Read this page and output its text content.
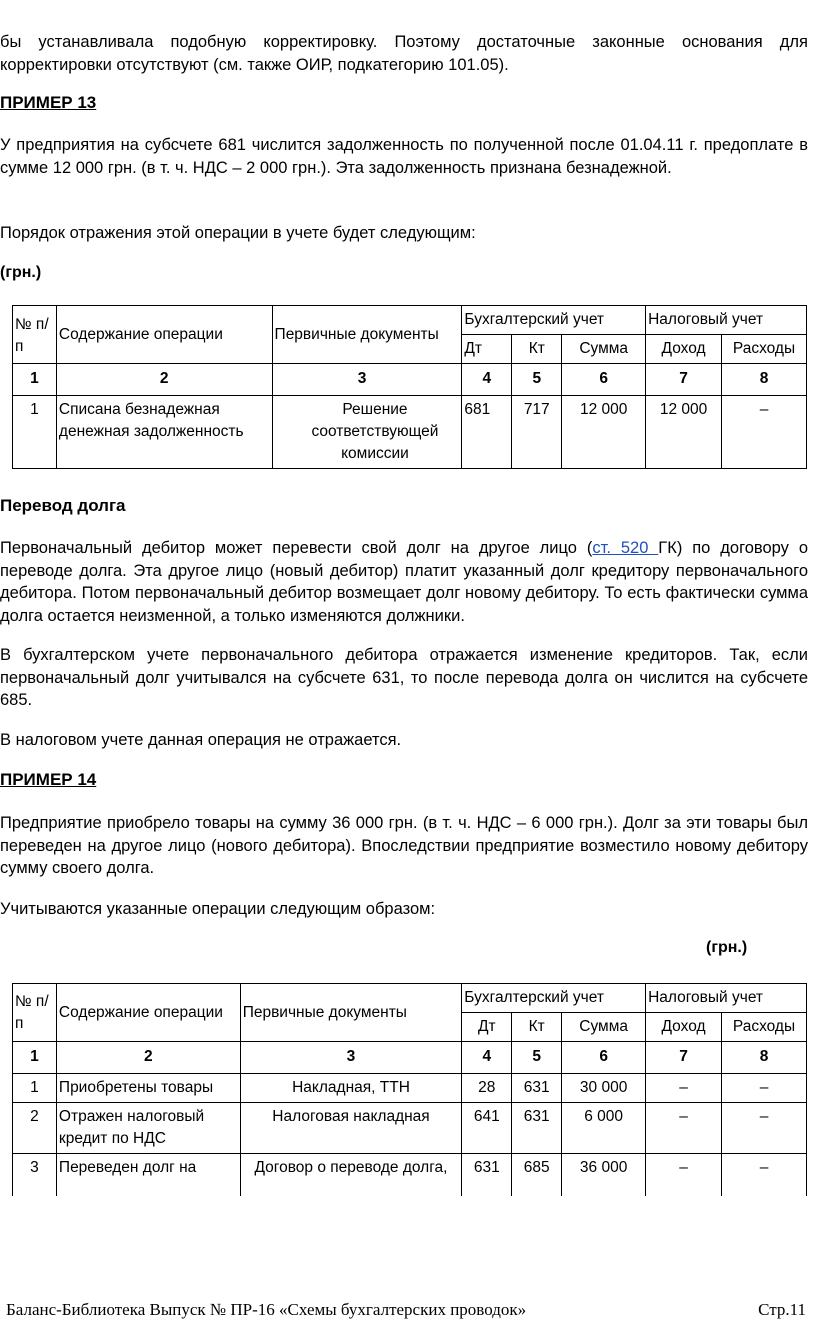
бы устанавливала подобную корректировку. Поэтому достаточные законные основания для корректировки отсутствуют (см. также ОИР, подкатегорию 101.05).

ПРИМЕР 13

У предприятия на субсчете 681 числится задолженность по полученной после 01.04.11 г. предоплате в сумме 12 000 грн. (в т. ч. НДС – 2 000 грн.). Эта задолженность признана безнадежной.

Порядок отражения этой операции в учете будет следующим:

(грн.)

№ п/п	Содержание операции	Первичные документы	Бухгалтерский учет			Налоговый учет	
			Дт	Кт	Сумма	Доход	Расходы
1	2	3	4	5	6	7	8
1	Списана безнадежная денежная задолженность	Решение соответствующей комиссии	681	717	12 000	12 000	–

Перевод долга

Первоначальный дебитор может перевести свой долг на другое лицо (ст. 520 ГК) по договору о переводе долга. Эта другое лицо (новый дебитор) платит указанный долг кредитору первоначального дебитора. Потом первоначальный дебитор возмещает долг новому дебитору. То есть фактически сумма долга остается неизменной, а только изменяются должники.

В бухгалтерском учете первоначального дебитора отражается изменение кредиторов. Так, если первоначальный долг учитывался на субсчете 631, то после перевода долга он числится на субсчете 685.

В налоговом учете данная операция не отражается.

ПРИМЕР 14

Предприятие приобрело товары на сумму 36 000 грн. (в т. ч. НДС – 6 000 грн.). Долг за эти товары был переведен на другое лицо (нового дебитора). Впоследствии предприятие возместило новому дебитору сумму своего долга.

Учитываются указанные операции следующим образом:

(грн.)

№ п/п	Содержание операции	Первичные документы	Бухгалтерский учет			Налоговый учет	
			Дт	Кт	Сумма	Доход	Расходы
1	2	3	4	5	6	7	8
1	Приобретены товары	Накладная, ТТН	28	631	30 000	–	–
2	Отражен налоговый кредит по НДС	Налоговая накладная	641	631	6 000	–	–
3	Переведен долг на	Договор о переводе долга,	631	685	36 000	–	–
Баланс-Библиотека Выпуск № ПР-16 «Схемы бухгалтерских проводок»	Стр.11
